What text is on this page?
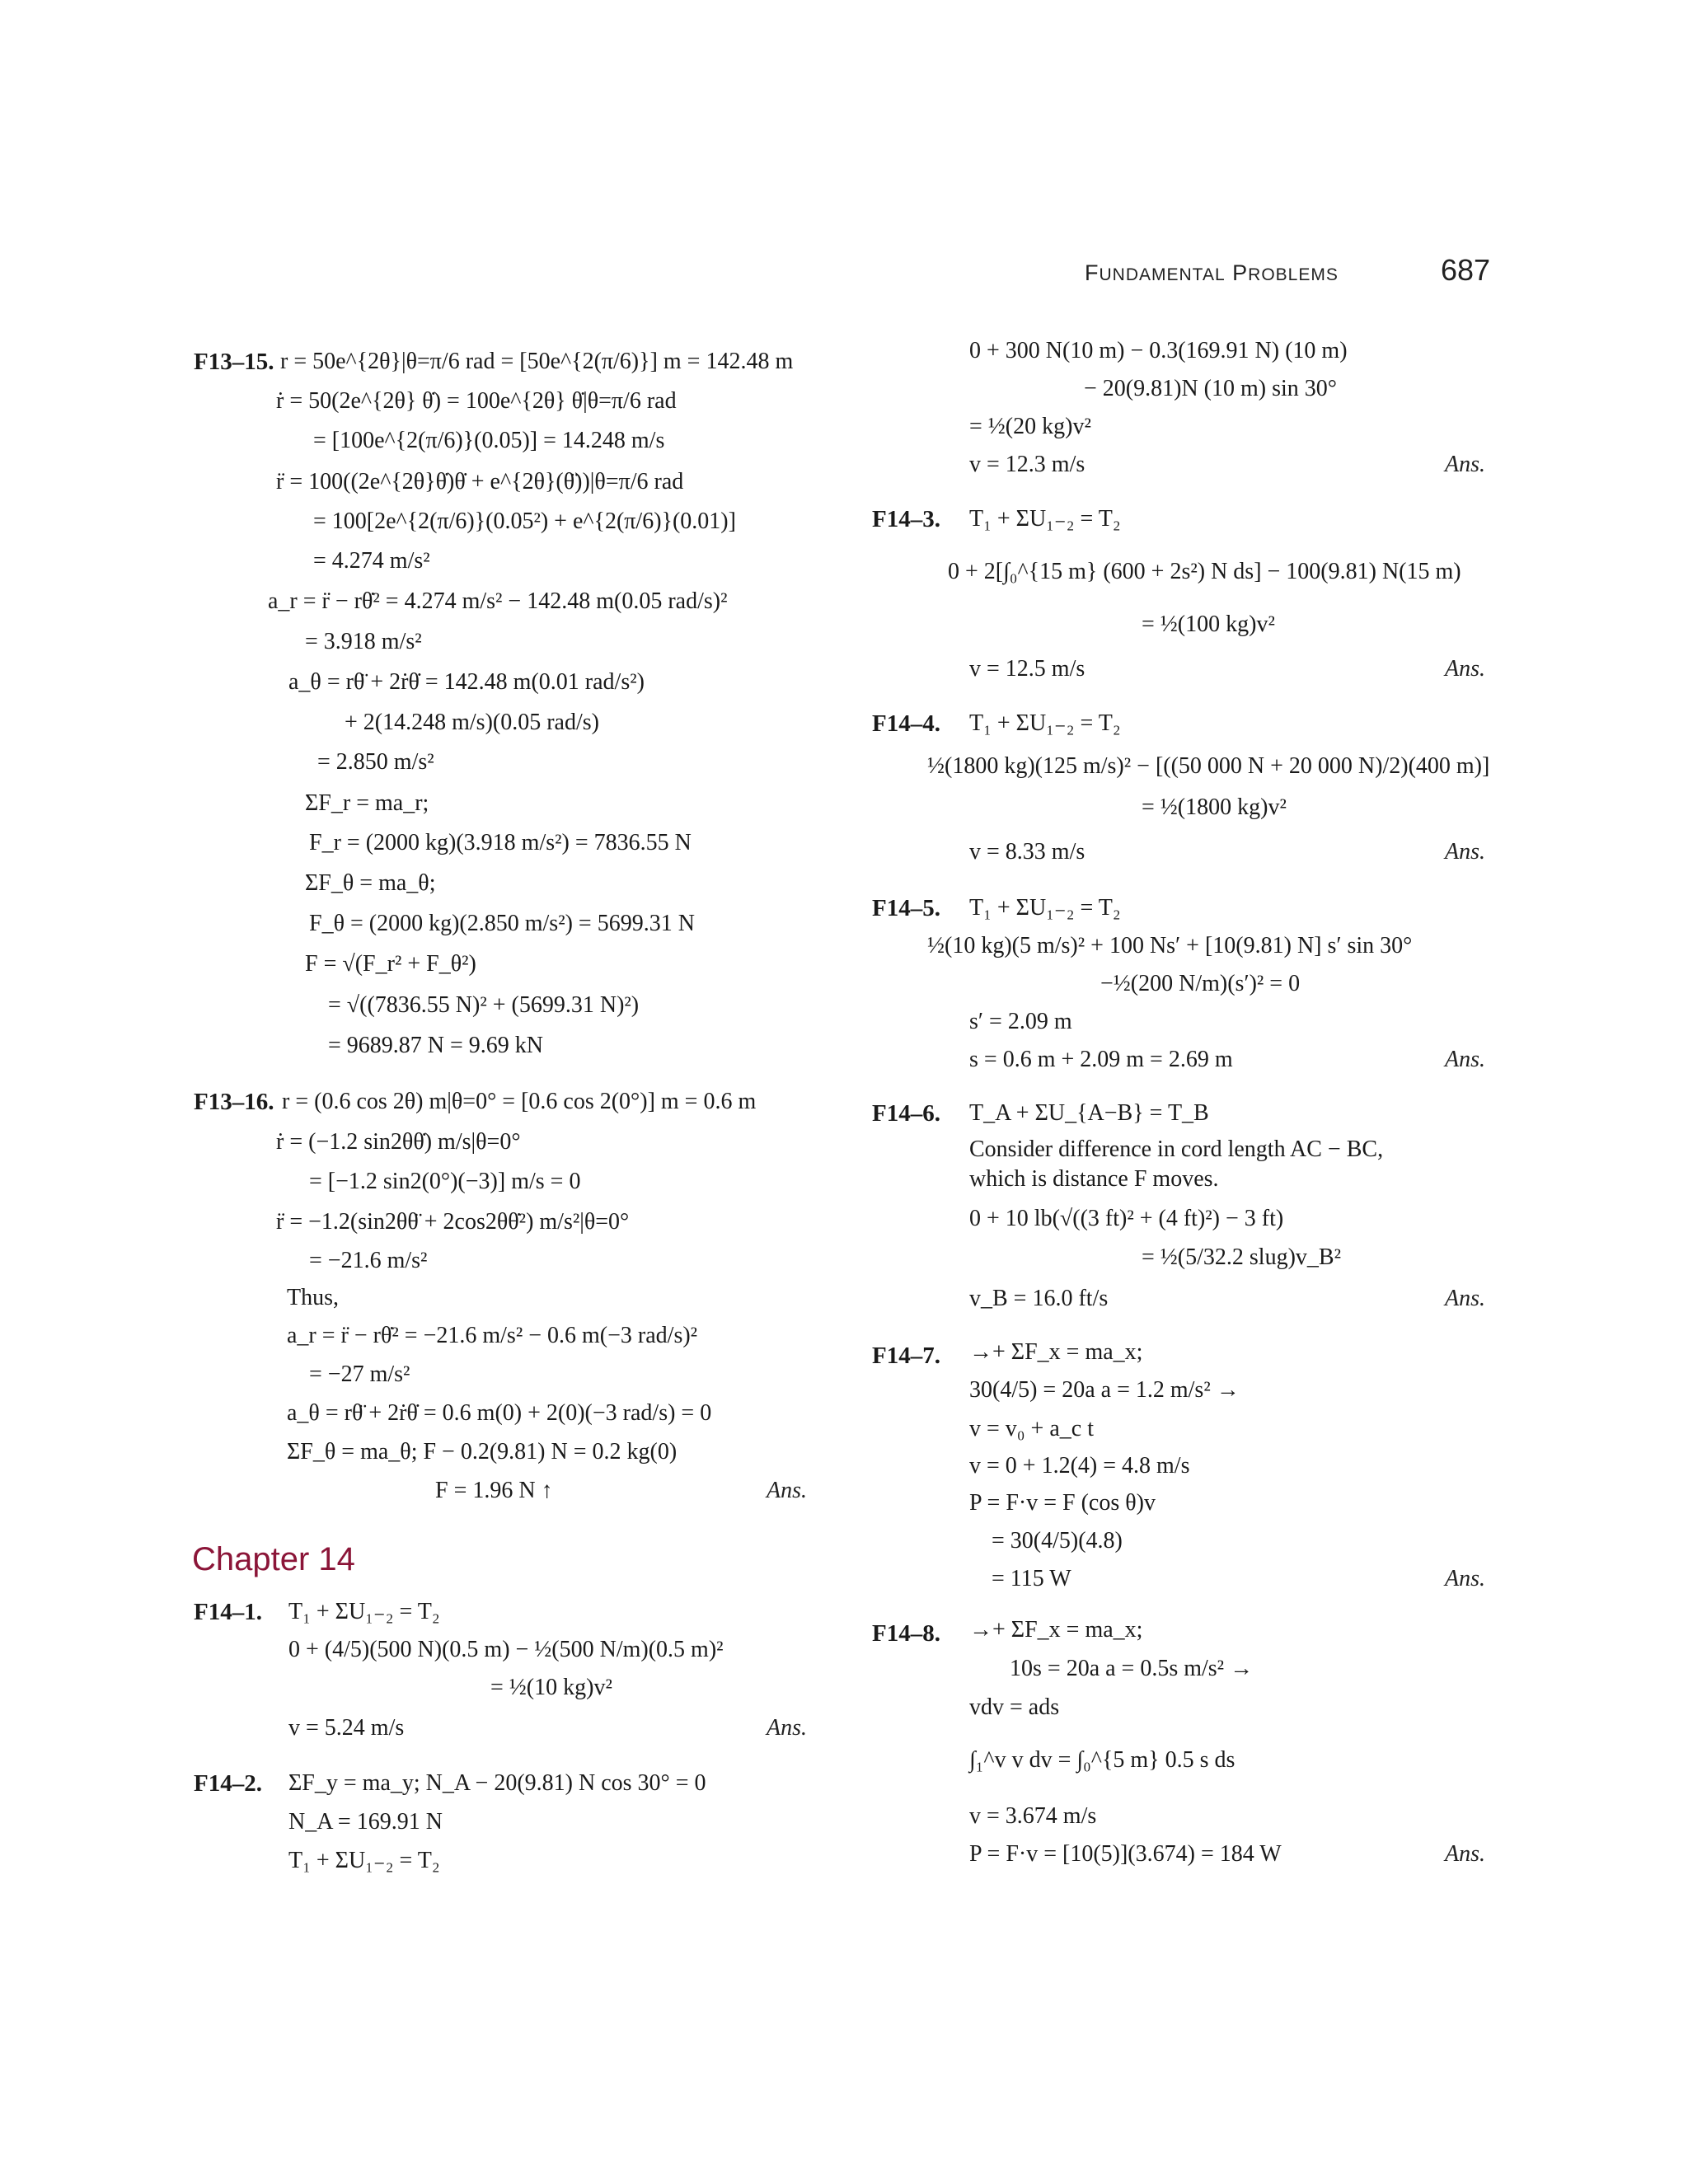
FUNDAMENTAL PROBLEMS	687
F13–15. r = 50e^{2θ}|θ=π/6 rad = [50e^{2(π/6)}] m = 142.48 m
ṙ = 50(2e^{2θ} θ̇) = 100e^{2θ} θ̇|θ=π/6 rad
= [100e^{2(π/6)}(0.05)] = 14.248 m/s
r̈ = 100((2e^{2θ}θ̇)θ̇ + e^{2θ}(θ̈))|θ=π/6 rad
= 100[2e^{2(π/6)}(0.05²) + e^{2(π/6)}(0.01)]
= 4.274 m/s²
a_r = r̈ − rθ̇² = 4.274 m/s² − 142.48 m(0.05 rad/s)²
= 3.918 m/s²
a_θ = rθ̈ + 2ṙθ̇ = 142.48 m(0.01 rad/s²)
+ 2(14.248 m/s)(0.05 rad/s)
= 2.850 m/s²
ΣF_r = ma_r;
F_r = (2000 kg)(3.918 m/s²) = 7836.55 N
ΣF_θ = ma_θ;
F_θ = (2000 kg)(2.850 m/s²) = 5699.31 N
F = √(F_r² + F_θ²)
= √((7836.55 N)² + (5699.31 N)²)
= 9689.87 N = 9.69 kN
F13–16. r = (0.6 cos 2θ) m|θ=0° = [0.6 cos 2(0°)] m = 0.6 m
ṙ = (−1.2 sin2θθ̇) m/s|θ=0°
= [−1.2 sin2(0°)(−3)] m/s = 0
r̈ = −1.2(sin2θθ̈ + 2cos2θθ̇²) m/s²|θ=0°
= −21.6 m/s²
Thus,
a_r = r̈ − rθ̇² = −21.6 m/s² − 0.6 m(−3 rad/s)²
= −27 m/s²
a_θ = rθ̈ + 2ṙθ̇ = 0.6 m(0) + 2(0)(−3 rad/s) = 0
ΣF_θ = ma_θ; F − 0.2(9.81) N = 0.2 kg(0)
F = 1.96 N ↑	Ans.
Chapter 14
F14–1. T₁ + ΣU₁₋₂ = T₂
0 + (4/5)(500 N)(0.5 m) − ½(500 N/m)(0.5 m)²
= ½(10 kg)v²
v = 5.24 m/s	Ans.
F14–2. ΣF_y = ma_y; N_A − 20(9.81) N cos 30° = 0
N_A = 169.91 N
T₁ + ΣU₁₋₂ = T₂
0 + 300 N(10 m) − 0.3(169.91 N) (10 m)
− 20(9.81)N (10 m) sin 30°
= ½(20 kg)v²
v = 12.3 m/s	Ans.
F14–3. T₁ + ΣU₁₋₂ = T₂
0 + 2[∫₀^{15 m} (600 + 2s²) N ds] − 100(9.81) N(15 m)
= ½(100 kg)v²
v = 12.5 m/s	Ans.
F14–4. T₁ + ΣU₁₋₂ = T₂
½(1800 kg)(125 m/s)² − [((50 000 N + 20 000 N)/2)(400 m)]
= ½(1800 kg)v²
v = 8.33 m/s	Ans.
F14–5. T₁ + ΣU₁₋₂ = T₂
½(10 kg)(5 m/s)² + 100 Ns′ + [10(9.81) N] s′ sin 30°
−½(200 N/m)(s′)² = 0
s′ = 2.09 m
s = 0.6 m + 2.09 m = 2.69 m	Ans.
F14–6. T_A + ΣU_{A−B} = T_B
Consider difference in cord length AC − BC,
which is distance F moves.
0 + 10 lb(√((3 ft)² + (4 ft)²) − 3 ft)
= ½(5/32.2 slug)v_B²
v_B = 16.0 ft/s	Ans.
F14–7. →+ ΣF_x = ma_x;
30(4/5) = 20a a = 1.2 m/s² →
v = v₀ + a_c t
v = 0 + 1.2(4) = 4.8 m/s
P = F·v = F (cos θ)v
= 30(4/5)(4.8)
= 115 W	Ans.
F14–8. →+ ΣF_x = ma_x;
10s = 20a a = 0.5s m/s² →
vdv = ads
∫₁^v v dv = ∫₀^{5 m} 0.5 s ds
v = 3.674 m/s
P = F·v = [10(5)](3.674) = 184 W	Ans.
